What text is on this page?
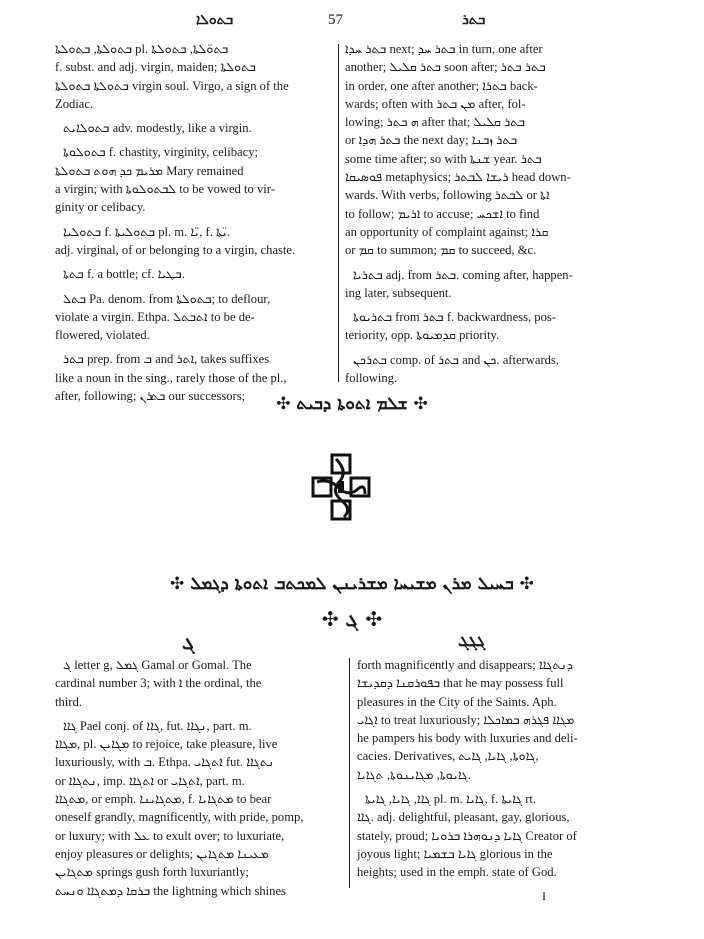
ܒܬܘܠܐ	57	ܒܬܪ
ܒܬܘܠܬܐ, ܒܬܘܠܬܐ pl. ܒܬܘ̈ܠܬܐ, ܒܬܘܠܬܐ
f. subst. and adj. virgin, maiden; ܒܬܘܠܬܐ
ܒܬܘܠܬܐ ܒܬܘܠܬܐ virgin soul. Virgo, a sign of the
Zodiac.
ܒܬܘܠܐܝܬ adv. modestly, like a virgin.
ܒܬܘܠܘܬܐ f. chastity, virginity, celibacy;
ܡܪܝܡ ܟܕ ܗܘܬ ܒܬܘܠܬܐ Mary remained
a virgin; with ܠܒܬܘܠܘܬܐ to be vowed to vir-
ginity or celibacy.
ܒܬܘܠܝܐ f. ܒܬܘܠܝܬܐ pl. m. ܝ̈ܐ, f. ܝ̈ܬܐ.
adj. virginal, of or belonging to a virgin, chaste.
ܒܬܬܐ f. a bottle; cf. ܒܛܝܐ.
ܒܬܠ Pa. denom. from ܒܬܘܠܬܐ; to deflour,
violate a virgin. Ethpa. ܐܬܒܬܠ to be de-
flowered, violated.
ܒܬܪ prep. from ܒ and ܐܬܪ, takes suffixes
like a noun in the sing., rarely those of the pl.,
after, following; ܒܬܪܢ our successors;
ܒܬܪ ܚܕܐ next; ܒܬܪ ܚܕ in turn, one after
another; ܒܬܪ ܩܠܝܠ soon after; ܒܬܪ ܒܬܪ
in order, one after another; ܒܬܪܐ back-
wards; often with ܡܢ ܒܬܪ after, fol-
lowing; ܗ ܒܬܪ after that; ܒܬܪ ܩܠܝܠ
or ܒܬܪ ܗܕܐ the next day; ܒܬܪ ܙܒܢܐ
some time after; so with ܫܢܬܐ year. ܒܬܪ
ܦܘܣܝܩܐ metaphysics; ܪܝܫܐ ܠܒܬܪ head down-
wards. With verbs, following ܠܒܬܪ or ܐܬܐ
to follow; ܐܪܝܡ to accuse; ܐܫܟܚ to find
an opportunity of complaint against; ܩܪܐ
or ܩܡ to summon; ܩܡ to succeed, &c.
ܒܬܪܝܐ adj. from ܒܬܪ. coming after, happen-
ing later, subsequent.
ܒܬܪܝܘܬܐ from ܒܬܪ f. backwardness, pos-
teriority, opp. ܩܕܡܝܘܬܐ priority.
ܒܬܪܟܢ comp. of ܒܬܪ and ܟܢ. afterwards,
following.
✣ ܫܠܡ ܐܬܘܬܐ ܕܒܝܬ ✣
✣ ܒܚܝܠ ܡܪܢ ܡܫܝܚܐ ܡܫܪܝܢܢ ܠܡܟܬܒ ܐܬܘܬܐ ܕܓܡܠ ✣
✣ ܓ ✣
ܓ	ܓܓܓ
ܓ letter g, ܓܡܠ Gamal or Gomal. The
cardinal number 3; with ܐ the ordinal, the
third.
ܓܐܐ Pael conj. of ܓܐܐ, fut. ܢܓܐܐ, part. m.
ܡܓܐܐ, pl. ܡܓܐܝܢ to rejoice, take pleasure, live
luxuriously, with ܒ. Ethpa. ܐܬܓܐܝ fut. ܢܬܓܐܐ
or ܢܬܓܐܐ, imp. ܐܬܓܐܐ or ܐܬܓܐܝ, part. m.
ܡܬܓܐܐ, or emph. ܡܬܓܐܝܢܐ, f. ܡܬܓܐܝܐ to bear
oneself grandly, magnificently, with pride, pomp,
or luxury; with ܥܠ to exult over; to luxuriate,
enjoy pleasures or delights; ܡܥܝܢܐ ܡܬܓܐܝܢ
ܡܬܓܐܝܢ springs gush forth luxuriantly;
ܒܪܩܐ ܕܡܬܓܐܐ ܘܢܚܬ the lightning which shines
forth magnificently and disappears; ܕܢܬܓܐܐ
ܒܦܘܪܩܢܐ ܕܩܕܝܫܐ that he may possess full
pleasures in the City of the Saints. Aph.
ܐܓܐܝ to treat luxuriously; ܡܓܐܐ ܦܓܪܗ ܒܡܐܟܠܐ
he pampers his body with luxuries and deli-
cacies. Derivatives, ܓܐܘܬܐ, ܓܐܝܐ, ܓܐܝܬ,
ܓܐܝܘܬܐ, ܡܓܐܝܢܘܬܐ, ܬܓܐܝܐ.
ܓܐܐ, ܓܐܝܐ, ܓܐܝܬܐ pl. m. ܓܐܝܐ, f. ܓܐܝܬܐ rt.
ܓܐܐ. adj. delightful, pleasant, gay, glorious,
stately, proud; ܓܐܝܐ ܕܢܘܗܪܐ ܒܪܘܝܐ Creator of
joyous light; ܓܐܝܐ ܒܫܡܝܐ glorious in the
heights; used in the emph. state of God.
I
